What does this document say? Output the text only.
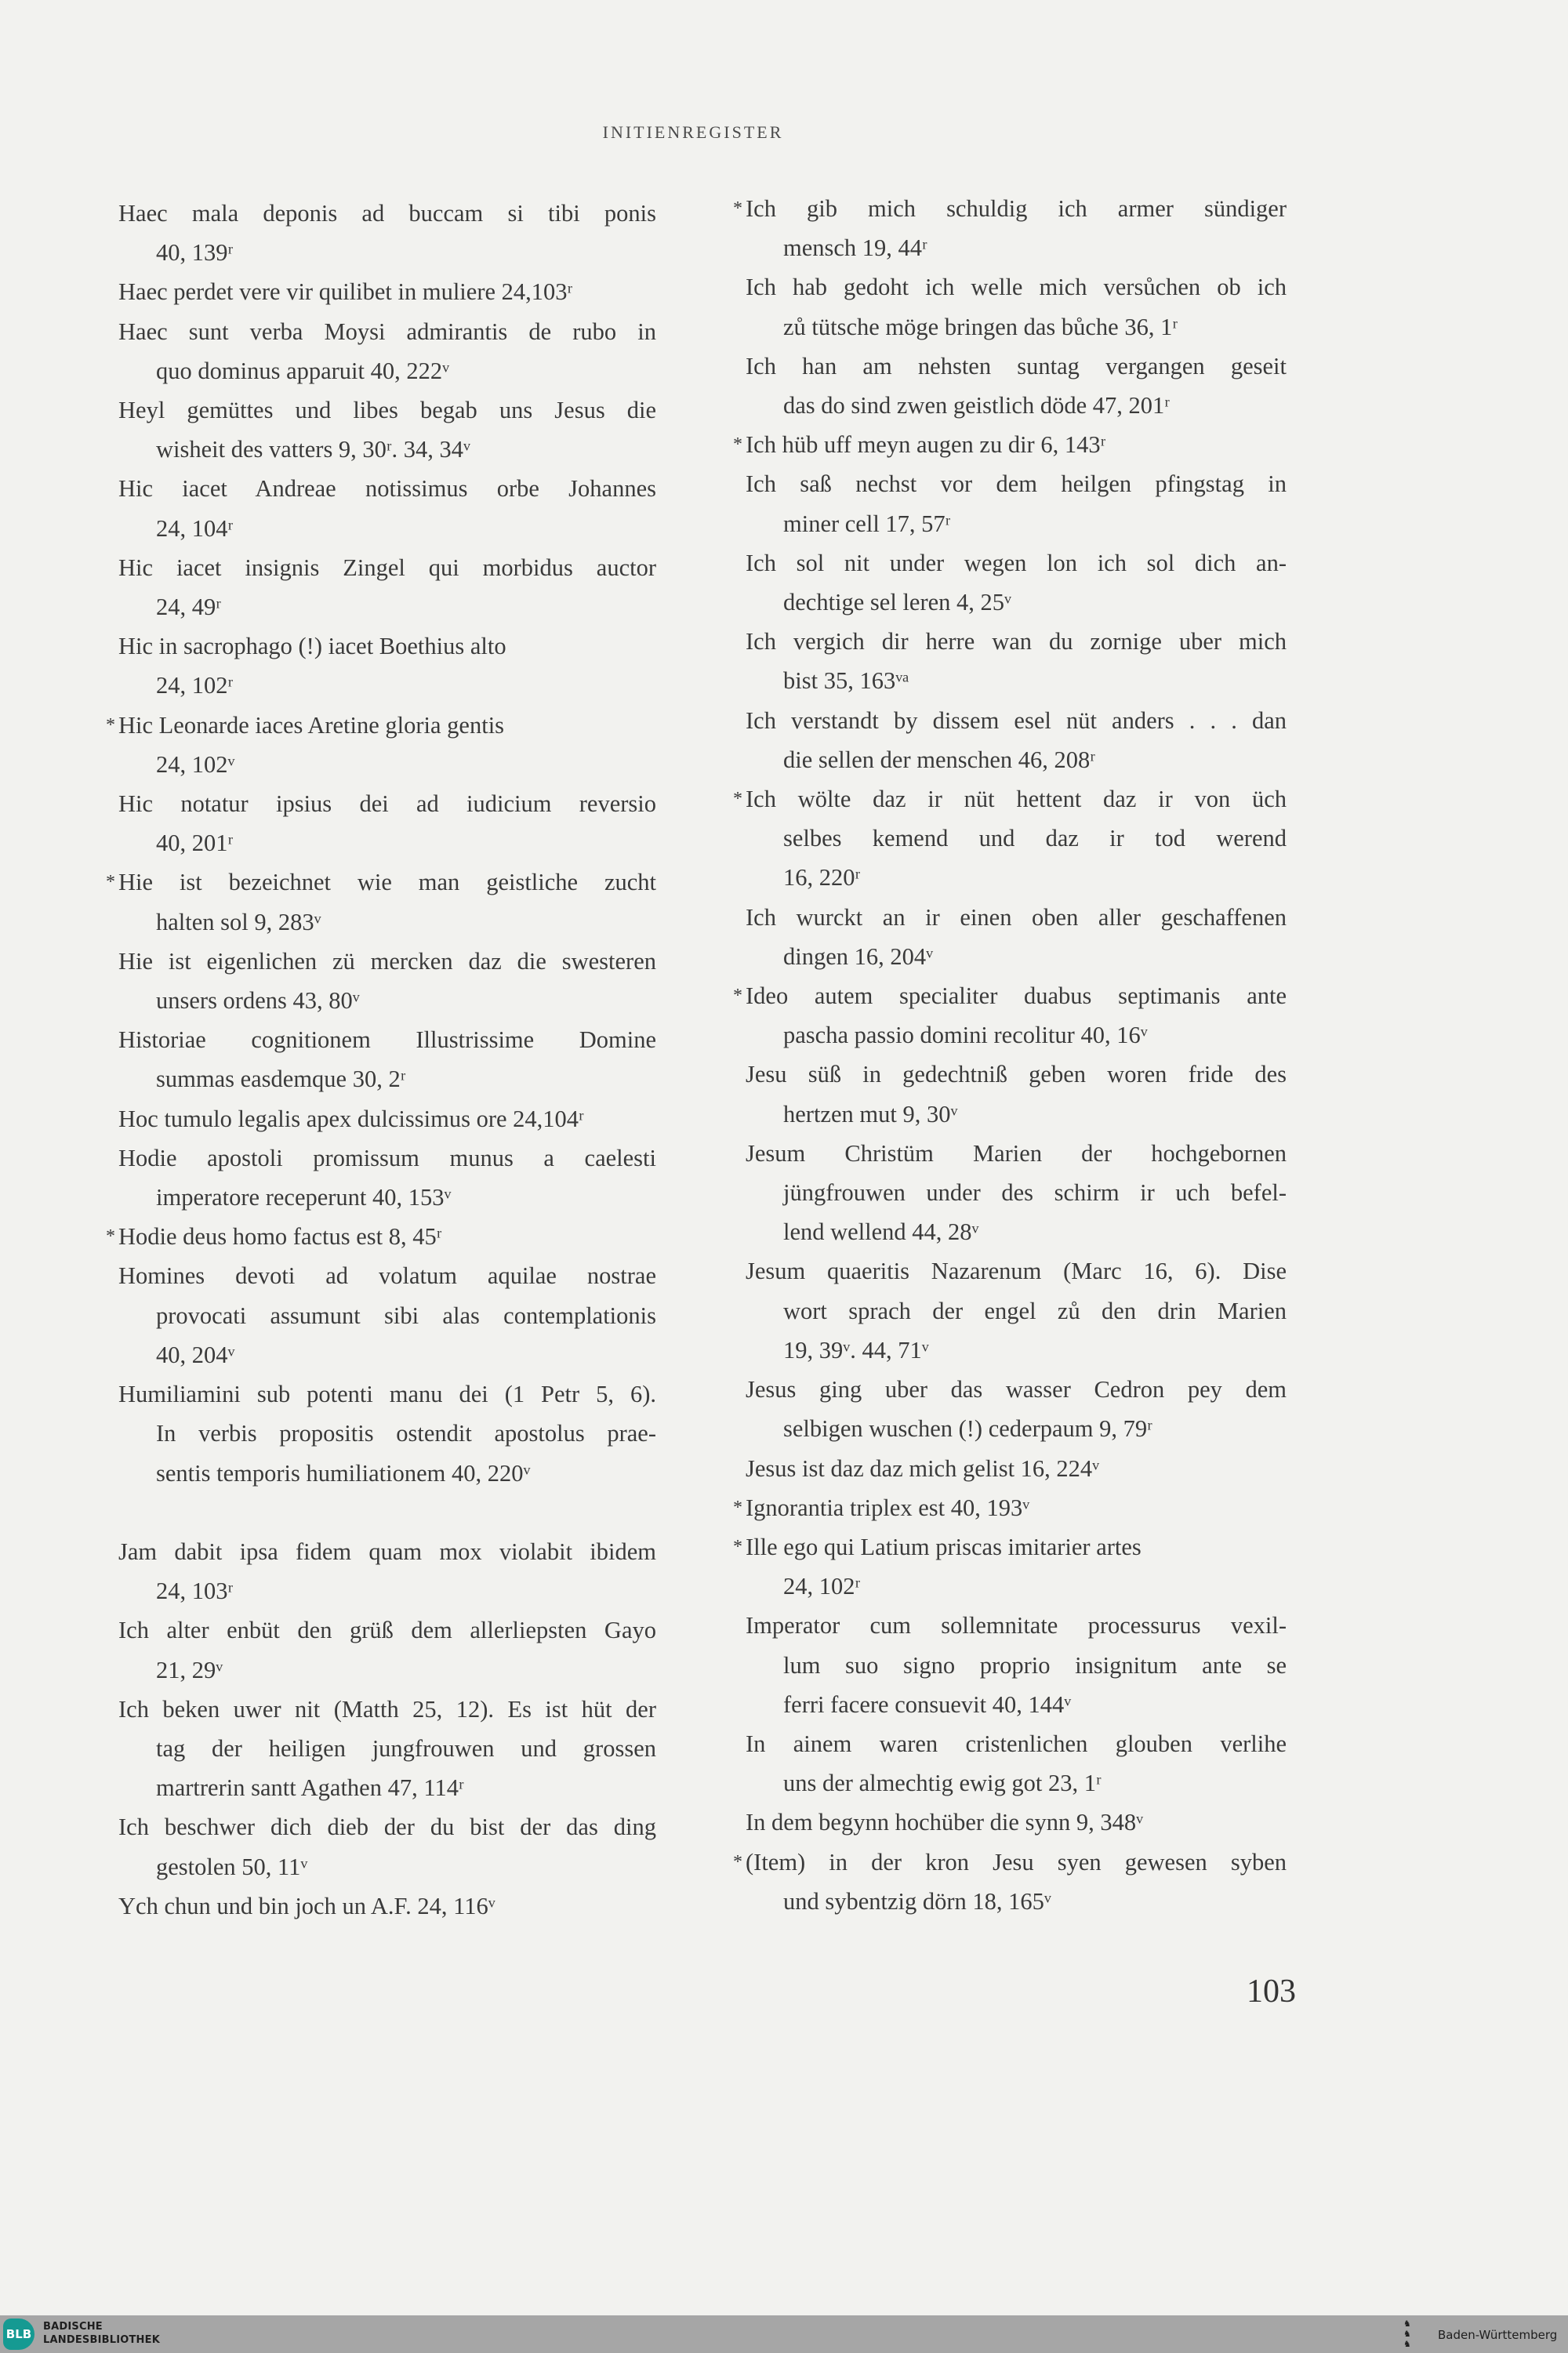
INITIENREGISTER
Haec mala deponis ad buccam si tibi ponis
40, 139ʳ
Haec perdet vere vir quilibet in muliere 24,103ʳ
Haec sunt verba Moysi admirantis de rubo in
quo dominus apparuit 40, 222ᵛ
Heyl gemüttes und libes begab uns Jesus die
wisheit des vatters 9, 30ʳ. 34, 34ᵛ
Hic iacet Andreae notissimus orbe Johannes
24, 104ʳ
Hic iacet insignis Zingel qui morbidus auctor
24, 49ʳ
Hic in sacrophago (!) iacet Boethius alto
24, 102ʳ
* Hic Leonarde iaces Aretine gloria gentis
24, 102ᵛ
Hic notatur ipsius dei ad iudicium reversio
40, 201ʳ
* Hie ist bezeichnet wie man geistliche zucht
halten sol 9, 283ᵛ
Hie ist eigenlichen zü mercken daz die swesteren
unsers ordens 43, 80ᵛ
Historiae cognitionem Illustrissime Domine
summas easdemque 30, 2ʳ
Hoc tumulo legalis apex dulcissimus ore 24,104ʳ
Hodie apostoli promissum munus a caelesti
imperatore receperunt 40, 153ᵛ
* Hodie deus homo factus est 8, 45ʳ
Homines devoti ad volatum aquilae nostrae
provocati assumunt sibi alas contemplationis
40, 204ᵛ
Humiliamini sub potenti manu dei (1 Petr 5, 6).
In verbis propositis ostendit apostolus prae-
sentis temporis humiliationem 40, 220ᵛ
Jam dabit ipsa fidem quam mox violabit ibidem
24, 103ʳ
Ich alter enbüt den grüß dem allerliepsten Gayo
21, 29ᵛ
Ich beken uwer nit (Matth 25, 12). Es ist hüt der
tag der heiligen jungfrouwen und grossen
martrerin santt Agathen 47, 114ʳ
Ich beschwer dich dieb der du bist der das ding
gestolen 50, 11ᵛ
Ych chun und bin joch un A.F. 24, 116ᵛ
* Ich gib mich schuldig ich armer sündiger
mensch 19, 44ʳ
Ich hab gedoht ich welle mich versůchen ob ich
zů tütsche möge bringen das bůche 36, 1ʳ
Ich han am nehsten suntag vergangen geseit
das do sind zwen geistlich döde 47, 201ʳ
* Ich hüb uff meyn augen zu dir 6, 143ʳ
Ich saß nechst vor dem heilgen pfingstag in
miner cell 17, 57ʳ
Ich sol nit under wegen lon ich sol dich an-
dechtige sel leren 4, 25ᵛ
Ich vergich dir herre wan du zornige uber mich
bist 35, 163ᵛᵃ
Ich verstandt by dissem esel nüt anders . . . dan
die sellen der menschen 46, 208ʳ
* Ich wölte daz ir nüt hettent daz ir von üch
selbes kemend und daz ir tod werend
16, 220ʳ
Ich wurckt an ir einen oben aller geschaffenen
dingen 16, 204ᵛ
* Ideo autem specialiter duabus septimanis ante
pascha passio domini recolitur 40, 16ᵛ
Jesu süß in gedechtniß geben woren fride des
hertzen mut 9, 30ᵛ
Jesum Christüm Marien der hochgebornen
jüngfrouwen under des schirm ir uch befel-
lend wellend 44, 28ᵛ
Jesum quaeritis Nazarenum (Marc 16, 6). Dise
wort sprach der engel zů den drin Marien
19, 39ᵛ. 44, 71ᵛ
Jesus ging uber das wasser Cedron pey dem
selbigen wuschen (!) cederpaum 9, 79ʳ
Jesus ist daz daz mich gelist 16, 224ᵛ
* Ignorantia triplex est 40, 193ᵛ
* Ille ego qui Latium priscas imitarier artes
24, 102ʳ
Imperator cum sollemnitate processurus vexil-
lum suo signo proprio insignitum ante se
ferri facere consuevit 40, 144ᵛ
In ainem waren cristenlichen glouben verlihe
uns der almechtig ewig got 23, 1ʳ
In dem begynn hochüber die synn 9, 348ᵛ
* (Item) in der kron Jesu syen gewesen syben
und sybentzig dörn 18, 165ᵛ
103
BLB
BADISCHE
LANDESBIBLIOTHEK
♞
♞
♞
Baden-Württemberg
